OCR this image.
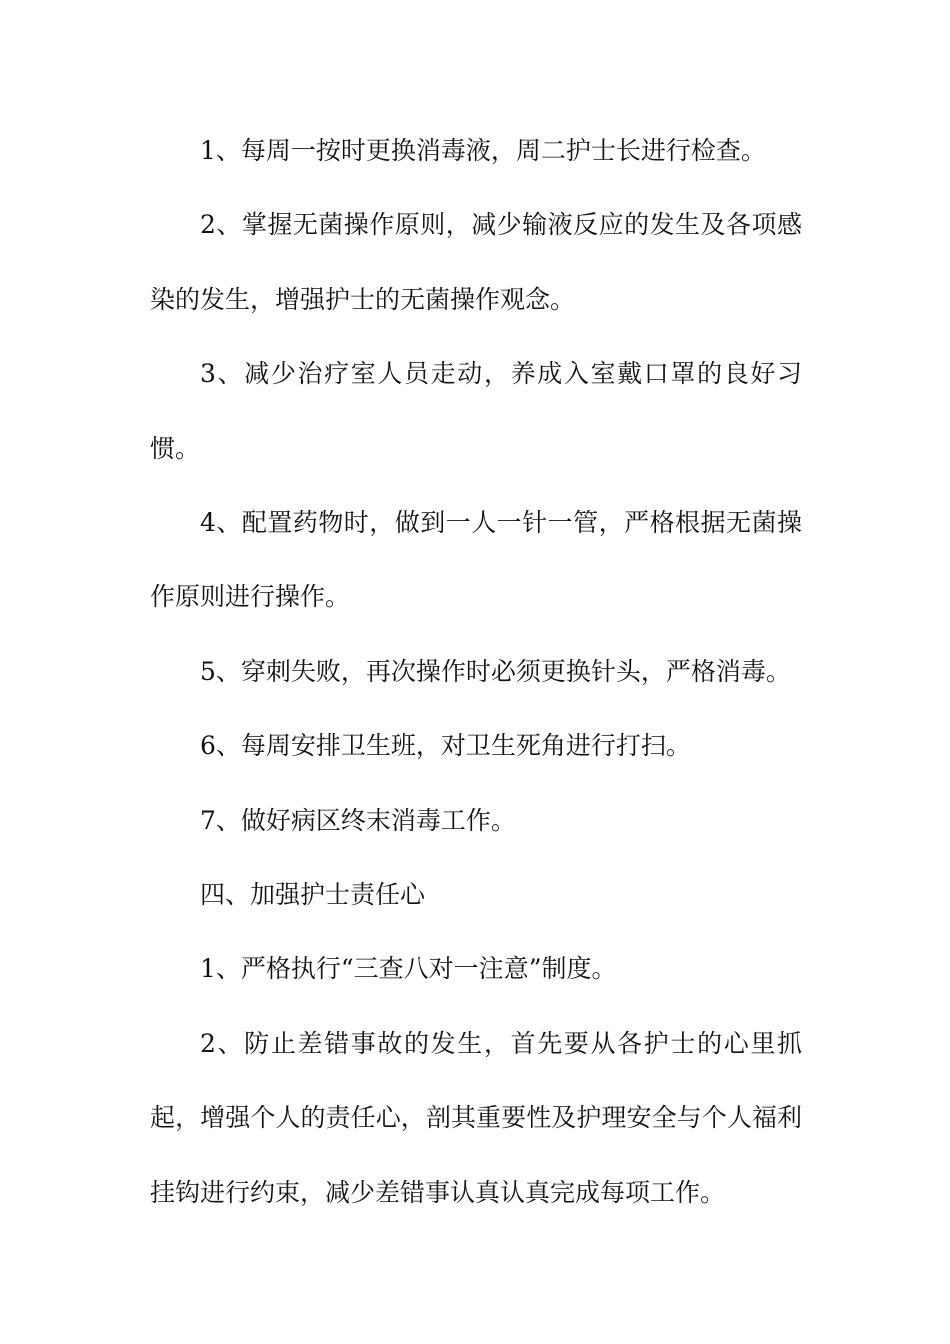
1、每周一按时更换消毒液，周二护士长进行检查。

2、掌握无菌操作原则，减少输液反应的发生及各项感染的发生，增强护士的无菌操作观念。

3、减少治疗室人员走动，养成入室戴口罩的良好习惯。

4、配置药物时，做到一人一针一管，严格根据无菌操作原则进行操作。

5、穿刺失败，再次操作时必须更换针头，严格消毒。

6、每周安排卫生班，对卫生死角进行打扫。

7、做好病区终末消毒工作。

四、加强护士责任心

1、严格执行“三查八对一注意”制度。

2、防止差错事故的发生，首先要从各护士的心里抓起，增强个人的责任心，剖其重要性及护理安全与个人福利挂钩进行约束，减少差错事认真认真完成每项工作。
